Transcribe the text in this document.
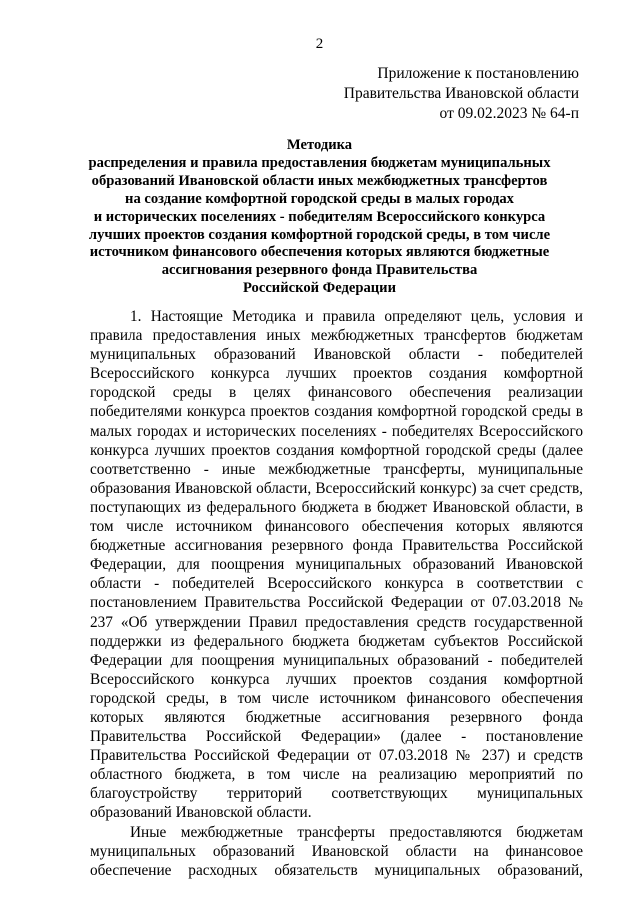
2
Приложение к постановлению
Правительства Ивановской области
от 09.02.2023 № 64-п
Методика
распределения и правила предоставления бюджетам муниципальных
образований Ивановской области иных межбюджетных трансфертов
на создание комфортной городской среды в малых городах
и исторических поселениях - победителям Всероссийского конкурса
лучших проектов создания комфортной городской среды, в том числе
источником финансового обеспечения которых являются бюджетные
ассигнования резервного фонда Правительства
Российской Федерации

1. Настоящие Методика и правила определяют цель, условия и правила предоставления иных межбюджетных трансфертов бюджетам муниципальных образований Ивановской области - победителей Всероссийского конкурса лучших проектов создания комфортной городской среды в целях финансового обеспечения реализации победителями конкурса проектов создания комфортной городской среды в малых городах и исторических поселениях - победителях Всероссийского конкурса лучших проектов создания комфортной городской среды (далее соответственно - иные межбюджетные трансферты, муниципальные образования Ивановской области, Всероссийский конкурс) за счет средств, поступающих из федерального бюджета в бюджет Ивановской области, в том числе источником финансового обеспечения которых являются бюджетные ассигнования резервного фонда Правительства Российской Федерации, для поощрения муниципальных образований Ивановской области - победителей Всероссийского конкурса в соответствии с постановлением Правительства Российской Федерации от 07.03.2018 № 237 «Об утверждении Правил предоставления средств государственной поддержки из федерального бюджета бюджетам субъектов Российской Федерации для поощрения муниципальных образований - победителей Всероссийского конкурса лучших проектов создания комфортной городской среды, в том числе источником финансового обеспечения которых являются бюджетные ассигнования резервного фонда Правительства Российской Федерации» (далее - постановление Правительства Российской Федерации от 07.03.2018 № 237) и средств областного бюджета, в том числе на реализацию мероприятий по благоустройству территорий соответствующих муниципальных образований Ивановской области.

Иные межбюджетные трансферты предоставляются бюджетам муниципальных образований Ивановской области на финансовое обеспечение расходных обязательств муниципальных образований,
